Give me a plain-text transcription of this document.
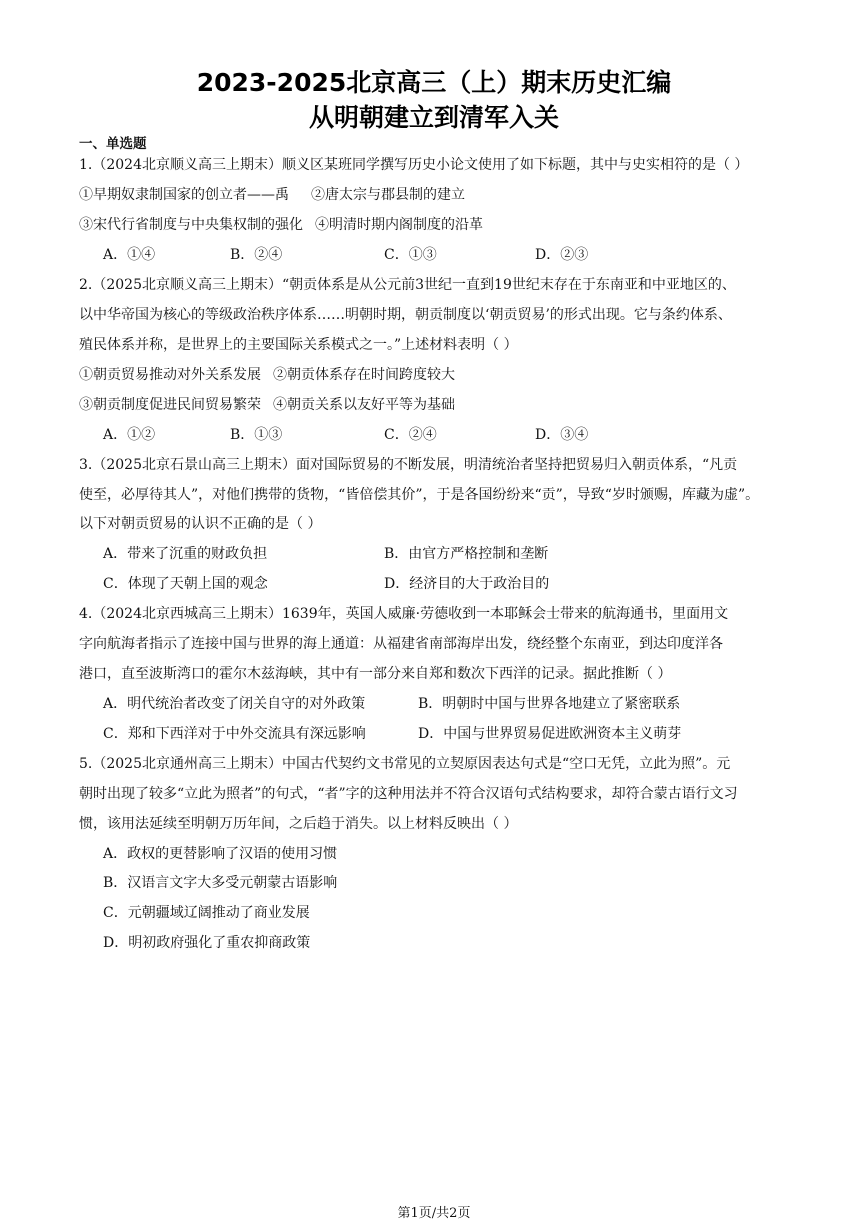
2023-2025北京高三（上）期末历史汇编
从明朝建立到清军入关
一、单选题
1.（2024北京顺义高三上期末）顺义区某班同学撰写历史小论文使用了如下标题，其中与史实相符的是（ ）
①早期奴隶制国家的创立者——禹 ②唐太宗与郡县制的建立
③宋代行省制度与中央集权制的强化 ④明清时期内阁制度的沿革
A．①④	B．②④	C．①③	D．②③
2.（2025北京顺义高三上期末）“朝贡体系是从公元前3世纪一直到19世纪末存在于东南亚和中亚地区的、
以中华帝国为核心的等级政治秩序体系……明朝时期，朝贡制度以‘朝贡贸易’的形式出现。它与条约体系、
殖民体系并称，是世界上的主要国际关系模式之一。”上述材料表明（ ）
①朝贡贸易推动对外关系发展 ②朝贡体系存在时间跨度较大
③朝贡制度促进民间贸易繁荣 ④朝贡关系以友好平等为基础
A．①②	B．①③	C．②④	D．③④
3.（2025北京石景山高三上期末）面对国际贸易的不断发展，明清统治者坚持把贸易归入朝贡体系，“凡贡
使至，必厚待其人”，对他们携带的货物，“皆倍偿其价”，于是各国纷纷来“贡”，导致“岁时颁赐，库藏为虚”。
以下对朝贡贸易的认识不正确的是（ ）
A．带来了沉重的财政负担	B．由官方严格控制和垄断
C．体现了天朝上国的观念	D．经济目的大于政治目的
4.（2024北京西城高三上期末）1639年，英国人威廉·劳德收到一本耶稣会士带来的航海通书，里面用文
字向航海者指示了连接中国与世界的海上通道：从福建省南部海岸出发，绕经整个东南亚，到达印度洋各
港口，直至波斯湾口的霍尔木兹海峡，其中有一部分来自郑和数次下西洋的记录。据此推断（ ）
A．明代统治者改变了闭关自守的对外政策	B．明朝时中国与世界各地建立了紧密联系
C．郑和下西洋对于中外交流具有深远影响	D．中国与世界贸易促进欧洲资本主义萌芽
5.（2025北京通州高三上期末）中国古代契约文书常见的立契原因表达句式是“空口无凭，立此为照”。元
朝时出现了较多“立此为照者”的句式，“者”字的这种用法并不符合汉语句式结构要求，却符合蒙古语行文习
惯，该用法延续至明朝万历年间，之后趋于消失。以上材料反映出（ ）
A．政权的更替影响了汉语的使用习惯
B．汉语言文字大多受元朝蒙古语影响
C．元朝疆域辽阔推动了商业发展
D．明初政府强化了重农抑商政策
第1页/共2页
